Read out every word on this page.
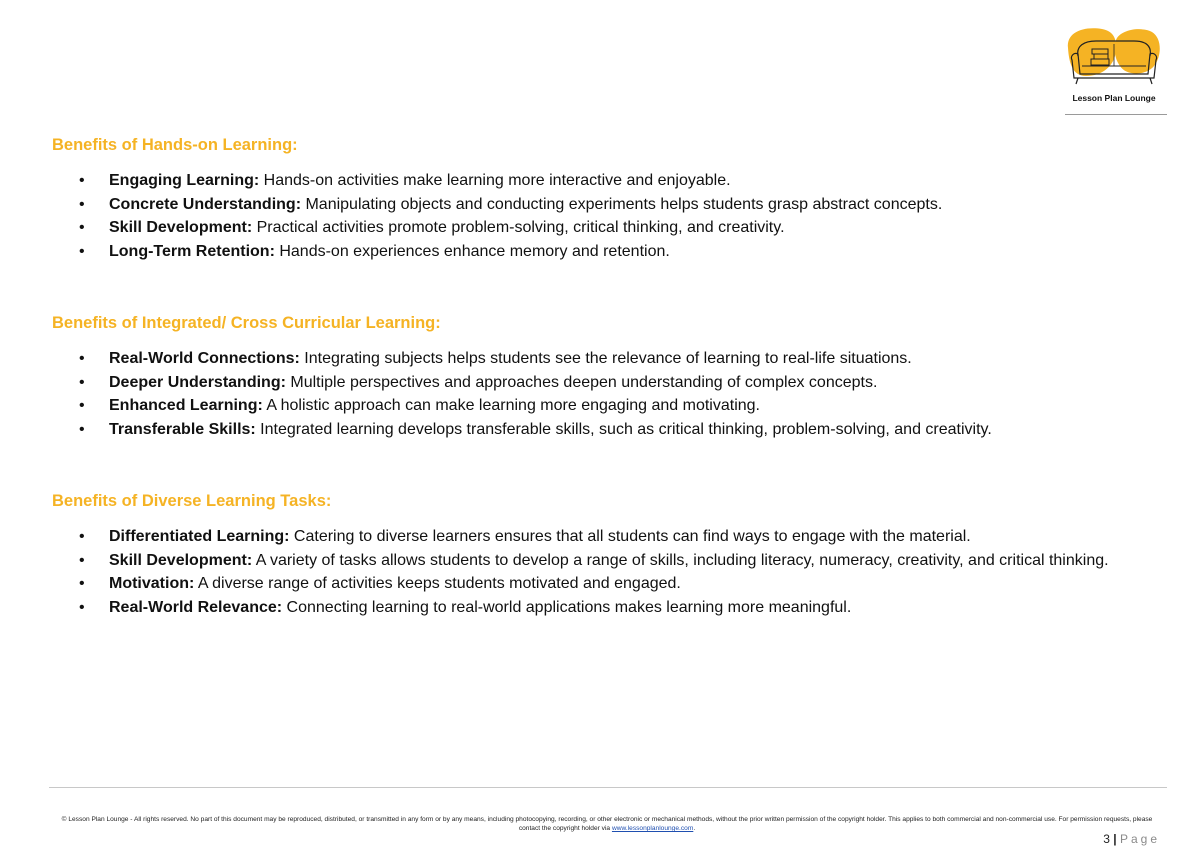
Lesson Plan Lounge
Benefits of Hands-on Learning:
• Engaging Learning: Hands-on activities make learning more interactive and enjoyable.
• Concrete Understanding: Manipulating objects and conducting experiments helps students grasp abstract concepts.
• Skill Development: Practical activities promote problem-solving, critical thinking, and creativity.
• Long-Term Retention: Hands-on experiences enhance memory and retention.
Benefits of Integrated/ Cross Curricular Learning:
• Real-World Connections: Integrating subjects helps students see the relevance of learning to real-life situations.
• Deeper Understanding: Multiple perspectives and approaches deepen understanding of complex concepts.
• Enhanced Learning: A holistic approach can make learning more engaging and motivating.
• Transferable Skills: Integrated learning develops transferable skills, such as critical thinking, problem-solving, and creativity.
Benefits of Diverse Learning Tasks:
• Differentiated Learning: Catering to diverse learners ensures that all students can find ways to engage with the material.
• Skill Development: A variety of tasks allows students to develop a range of skills, including literacy, numeracy, creativity, and critical thinking.
• Motivation: A diverse range of activities keeps students motivated and engaged.
• Real-World Relevance: Connecting learning to real-world applications makes learning more meaningful.
© Lesson Plan Lounge - All rights reserved. No part of this document may be reproduced, distributed, or transmitted in any form or by any means, including photocopying, recording, or other electronic or mechanical methods, without the prior written permission of the copyright holder. This applies to both commercial and non-commercial use. For permission requests, please contact the copyright holder via www.lessonplanlounge.com.
3 | Page
